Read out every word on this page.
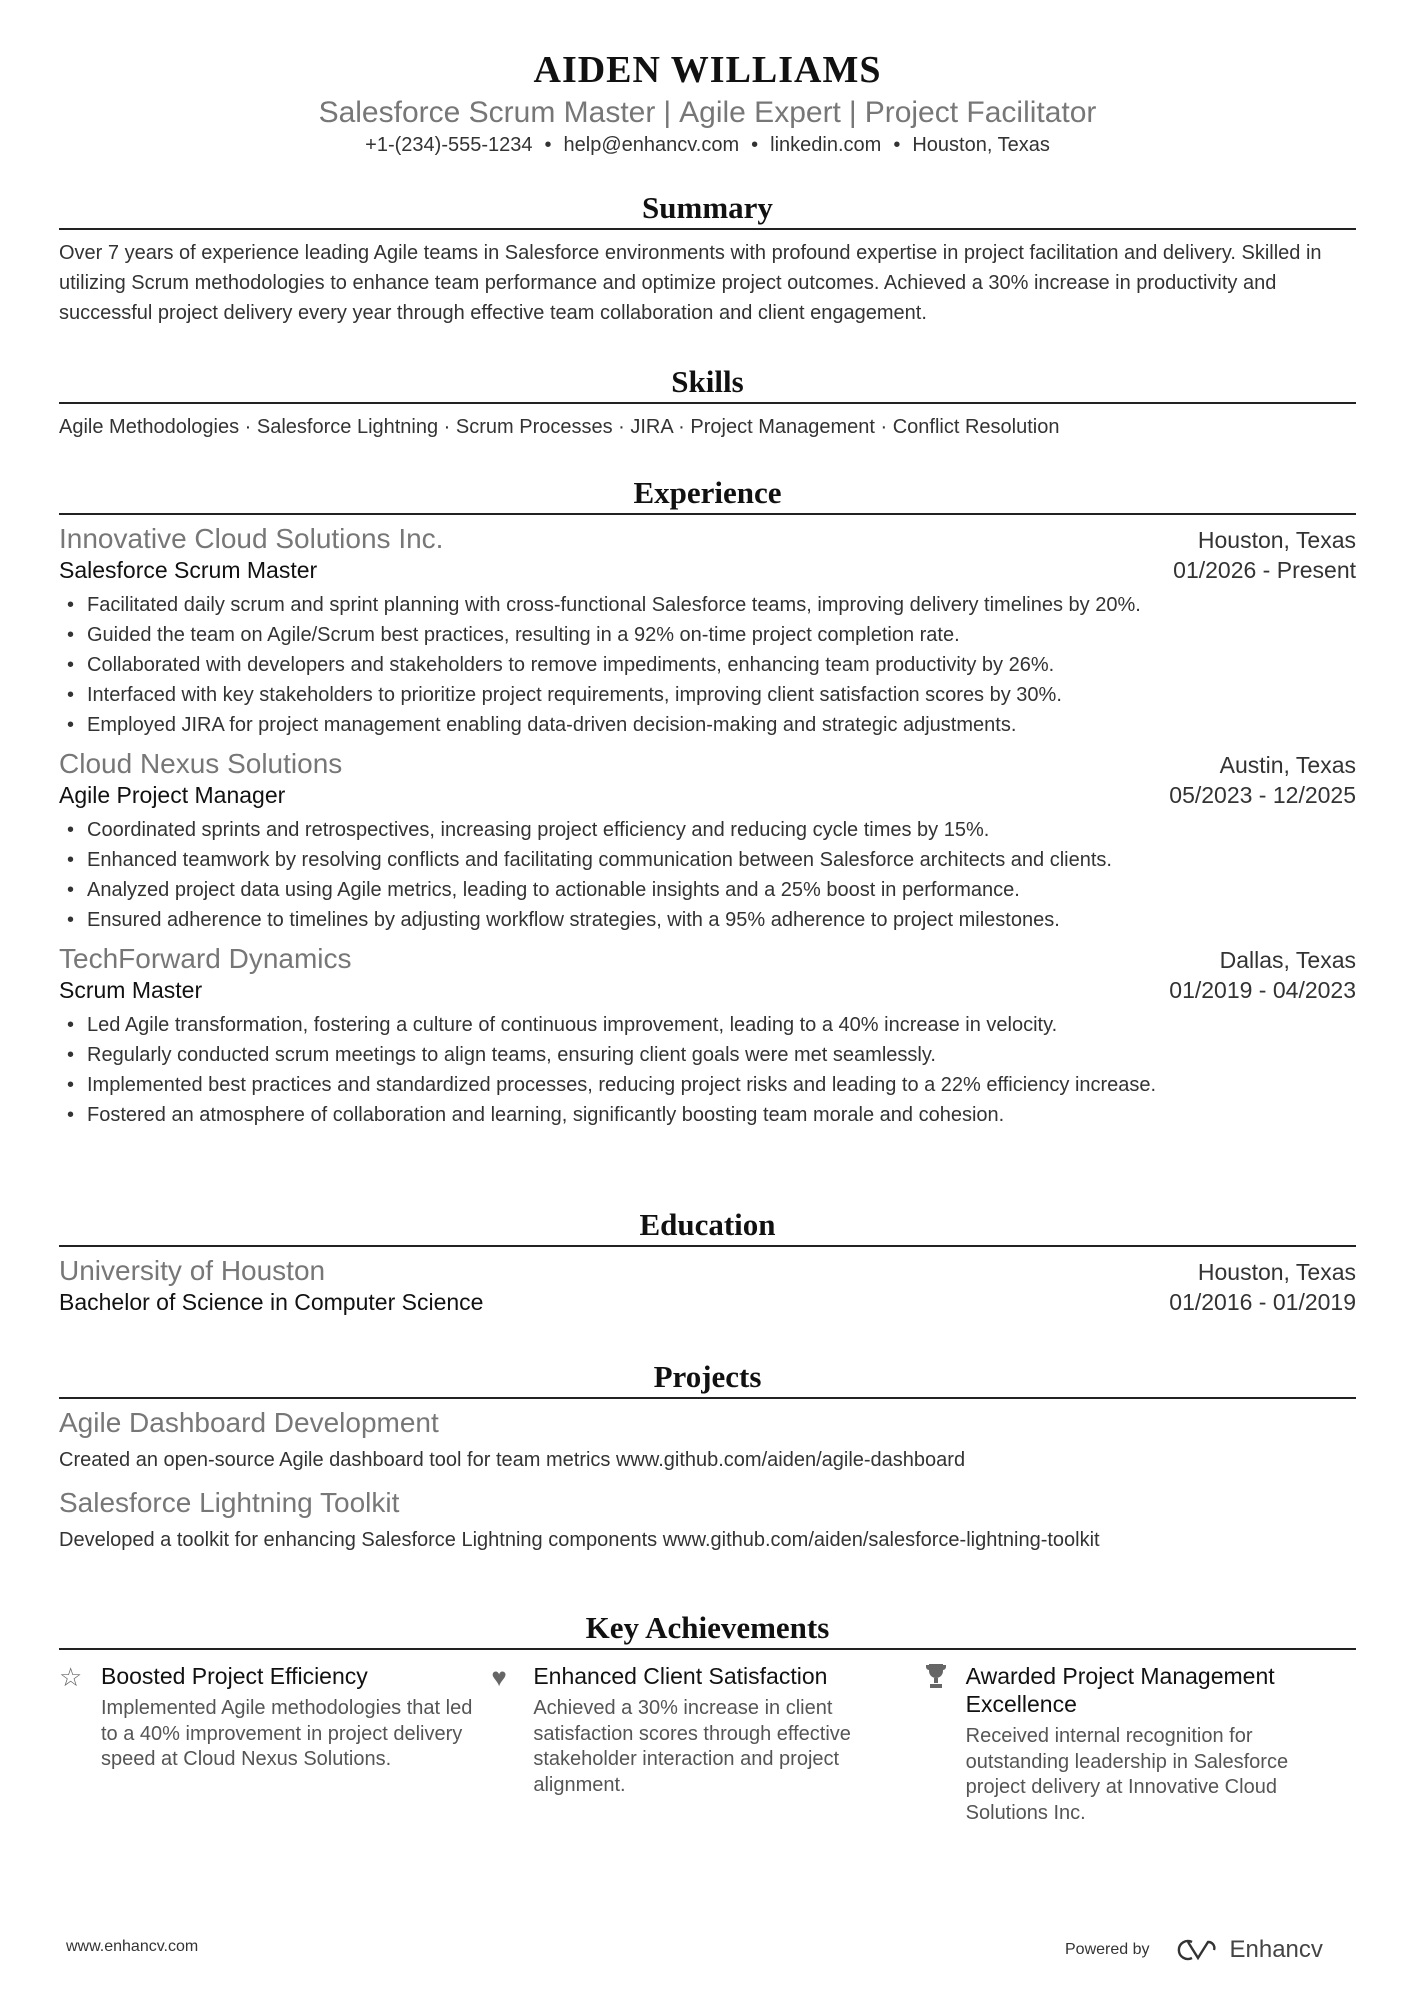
AIDEN WILLIAMS
Salesforce Scrum Master | Agile Expert | Project Facilitator
+1-(234)-555-1234 • help@enhancv.com • linkedin.com • Houston, Texas
Summary
Over 7 years of experience leading Agile teams in Salesforce environments with profound expertise in project facilitation and delivery. Skilled in utilizing Scrum methodologies to enhance team performance and optimize project outcomes. Achieved a 30% increase in productivity and successful project delivery every year through effective team collaboration and client engagement.
Skills
Agile Methodologies · Salesforce Lightning · Scrum Processes · JIRA · Project Management · Conflict Resolution
Experience
Innovative Cloud Solutions Inc.	Houston, Texas
Salesforce Scrum Master	01/2026 - Present
• Facilitated daily scrum and sprint planning with cross-functional Salesforce teams, improving delivery timelines by 20%.
• Guided the team on Agile/Scrum best practices, resulting in a 92% on-time project completion rate.
• Collaborated with developers and stakeholders to remove impediments, enhancing team productivity by 26%.
• Interfaced with key stakeholders to prioritize project requirements, improving client satisfaction scores by 30%.
• Employed JIRA for project management enabling data-driven decision-making and strategic adjustments.
Cloud Nexus Solutions	Austin, Texas
Agile Project Manager	05/2023 - 12/2025
• Coordinated sprints and retrospectives, increasing project efficiency and reducing cycle times by 15%.
• Enhanced teamwork by resolving conflicts and facilitating communication between Salesforce architects and clients.
• Analyzed project data using Agile metrics, leading to actionable insights and a 25% boost in performance.
• Ensured adherence to timelines by adjusting workflow strategies, with a 95% adherence to project milestones.
TechForward Dynamics	Dallas, Texas
Scrum Master	01/2019 - 04/2023
• Led Agile transformation, fostering a culture of continuous improvement, leading to a 40% increase in velocity.
• Regularly conducted scrum meetings to align teams, ensuring client goals were met seamlessly.
• Implemented best practices and standardized processes, reducing project risks and leading to a 22% efficiency increase.
• Fostered an atmosphere of collaboration and learning, significantly boosting team morale and cohesion.
Education
University of Houston	Houston, Texas
Bachelor of Science in Computer Science	01/2016 - 01/2019
Projects
Agile Dashboard Development
Created an open-source Agile dashboard tool for team metrics www.github.com/aiden/agile-dashboard
Salesforce Lightning Toolkit
Developed a toolkit for enhancing Salesforce Lightning components www.github.com/aiden/salesforce-lightning-toolkit
Key Achievements
☆ Boosted Project Efficiency
Implemented Agile methodologies that led to a 40% improvement in project delivery speed at Cloud Nexus Solutions.
♥	Enhanced Client Satisfaction
Achieved a 30% increase in client satisfaction scores through effective stakeholder interaction and project alignment.
Awarded Project Management Excellence
Received internal recognition for outstanding leadership in Salesforce project delivery at Innovative Cloud Solutions Inc.
www.enhancv.com	Powered by	Enhancv
